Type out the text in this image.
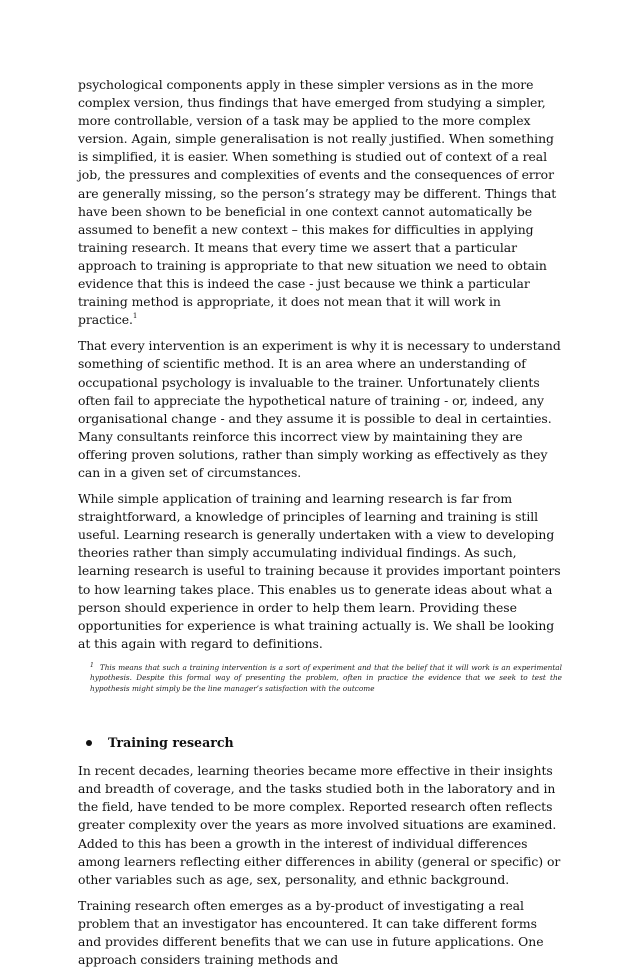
psychological components apply in these simpler versions as in the more complex version, thus findings that have emerged from studying a simpler, more controllable, version of a task may be applied to the more complex version. Again, simple generalisation is not really justified. When something is simplified, it is easier. When something is studied out of context of a real job, the pressures and complexities of events and the consequences of error are generally missing, so the person’s strategy may be different. Things that have been shown to be beneficial in one context cannot automatically be assumed to benefit a new context – this makes for difficulties in applying training research. It means that every time we assert that a particular approach to training is appropriate to that new situation we need to obtain evidence that this is indeed the case - just because we think a particular training method is appropriate, it does not mean that it will work in practice.$^1$

That every intervention is an experiment is why it is necessary to understand something of scientific method. It is an area where an understanding of occupational psychology is invaluable to the trainer. Unfortunately clients often fail to appreciate the hypothetical nature of training - or, indeed, any organisational change - and they assume it is possible to deal in certainties. Many consultants reinforce this incorrect view by maintaining they are offering proven solutions, rather than simply working as effectively as they can in a given set of circumstances.

While simple application of training and learning research is far from straightforward, a knowledge of principles of learning and training is still useful. Learning research is generally undertaken with a view to developing theories rather than simply accumulating individual findings. As such, learning research is useful to training because it provides important pointers to how learning takes place. This enables us to generate ideas about what a person should experience in order to help them learn. Providing these opportunities for experience is what training actually is. We shall be looking at this again with regard to definitions.

$^1$ This means that such a training intervention is a sort of experiment and that the belief that it will work is an experimental hypothesis. Despite this formal way of presenting the problem, often in practice the evidence that we seek to test the hypothesis might simply be the line manager’s satisfaction with the outcome
Training research

In recent decades, learning theories became more effective in their insights and breadth of coverage, and the tasks studied both in the laboratory and in the field, have tended to be more complex. Reported research often reflects greater complexity over the years as more involved situations are examined. Added to this has been a growth in the interest of individual differences among learners reflecting either differences in ability (general or specific) or other variables such as age, sex, personality, and ethnic background.

Training research often emerges as a by-product of investigating a real problem that an investigator has encountered. It can take different forms and provides different benefits that we can use in future applications. One approach considers training methods and
